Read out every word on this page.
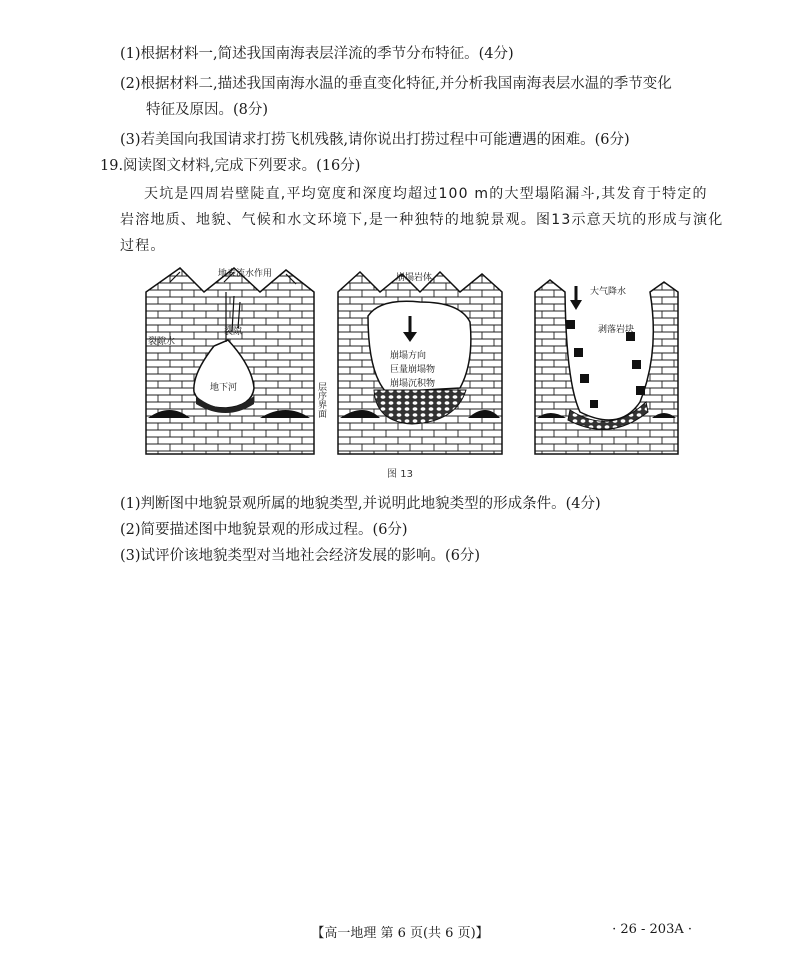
(1)根据材料一,简述我国南海表层洋流的季节分布特征。(4分)
(2)根据材料二,描述我国南海水温的垂直变化特征,并分析我国南海表层水温的季节变化
特征及原因。(8分)
(3)若美国向我国请求打捞飞机残骸,请你说出打捞过程中可能遭遇的困难。(6分)
19.阅读图文材料,完成下列要求。(16分)
天坑是四周岩壁陡直,平均宽度和深度均超过100 m的大型塌陷漏斗,其发育于特定的
岩溶地质、地貌、气候和水文环境下,是一种独特的地貌景观。图13示意天坑的形成与演化
过程。
地表流水作用
裂隙
裂隙水
地下河	层序界面
崩塌岩体
崩塌方向
巨量崩塌物
崩塌沉积物
大气降水
剥落岩块
图 13
(1)判断图中地貌景观所属的地貌类型,并说明此地貌类型的形成条件。(4分)
(2)简要描述图中地貌景观的形成过程。(6分)
(3)试评价该地貌类型对当地社会经济发展的影响。(6分)
【高一地理 第 6 页(共 6 页)】	· 26 - 203A ·
